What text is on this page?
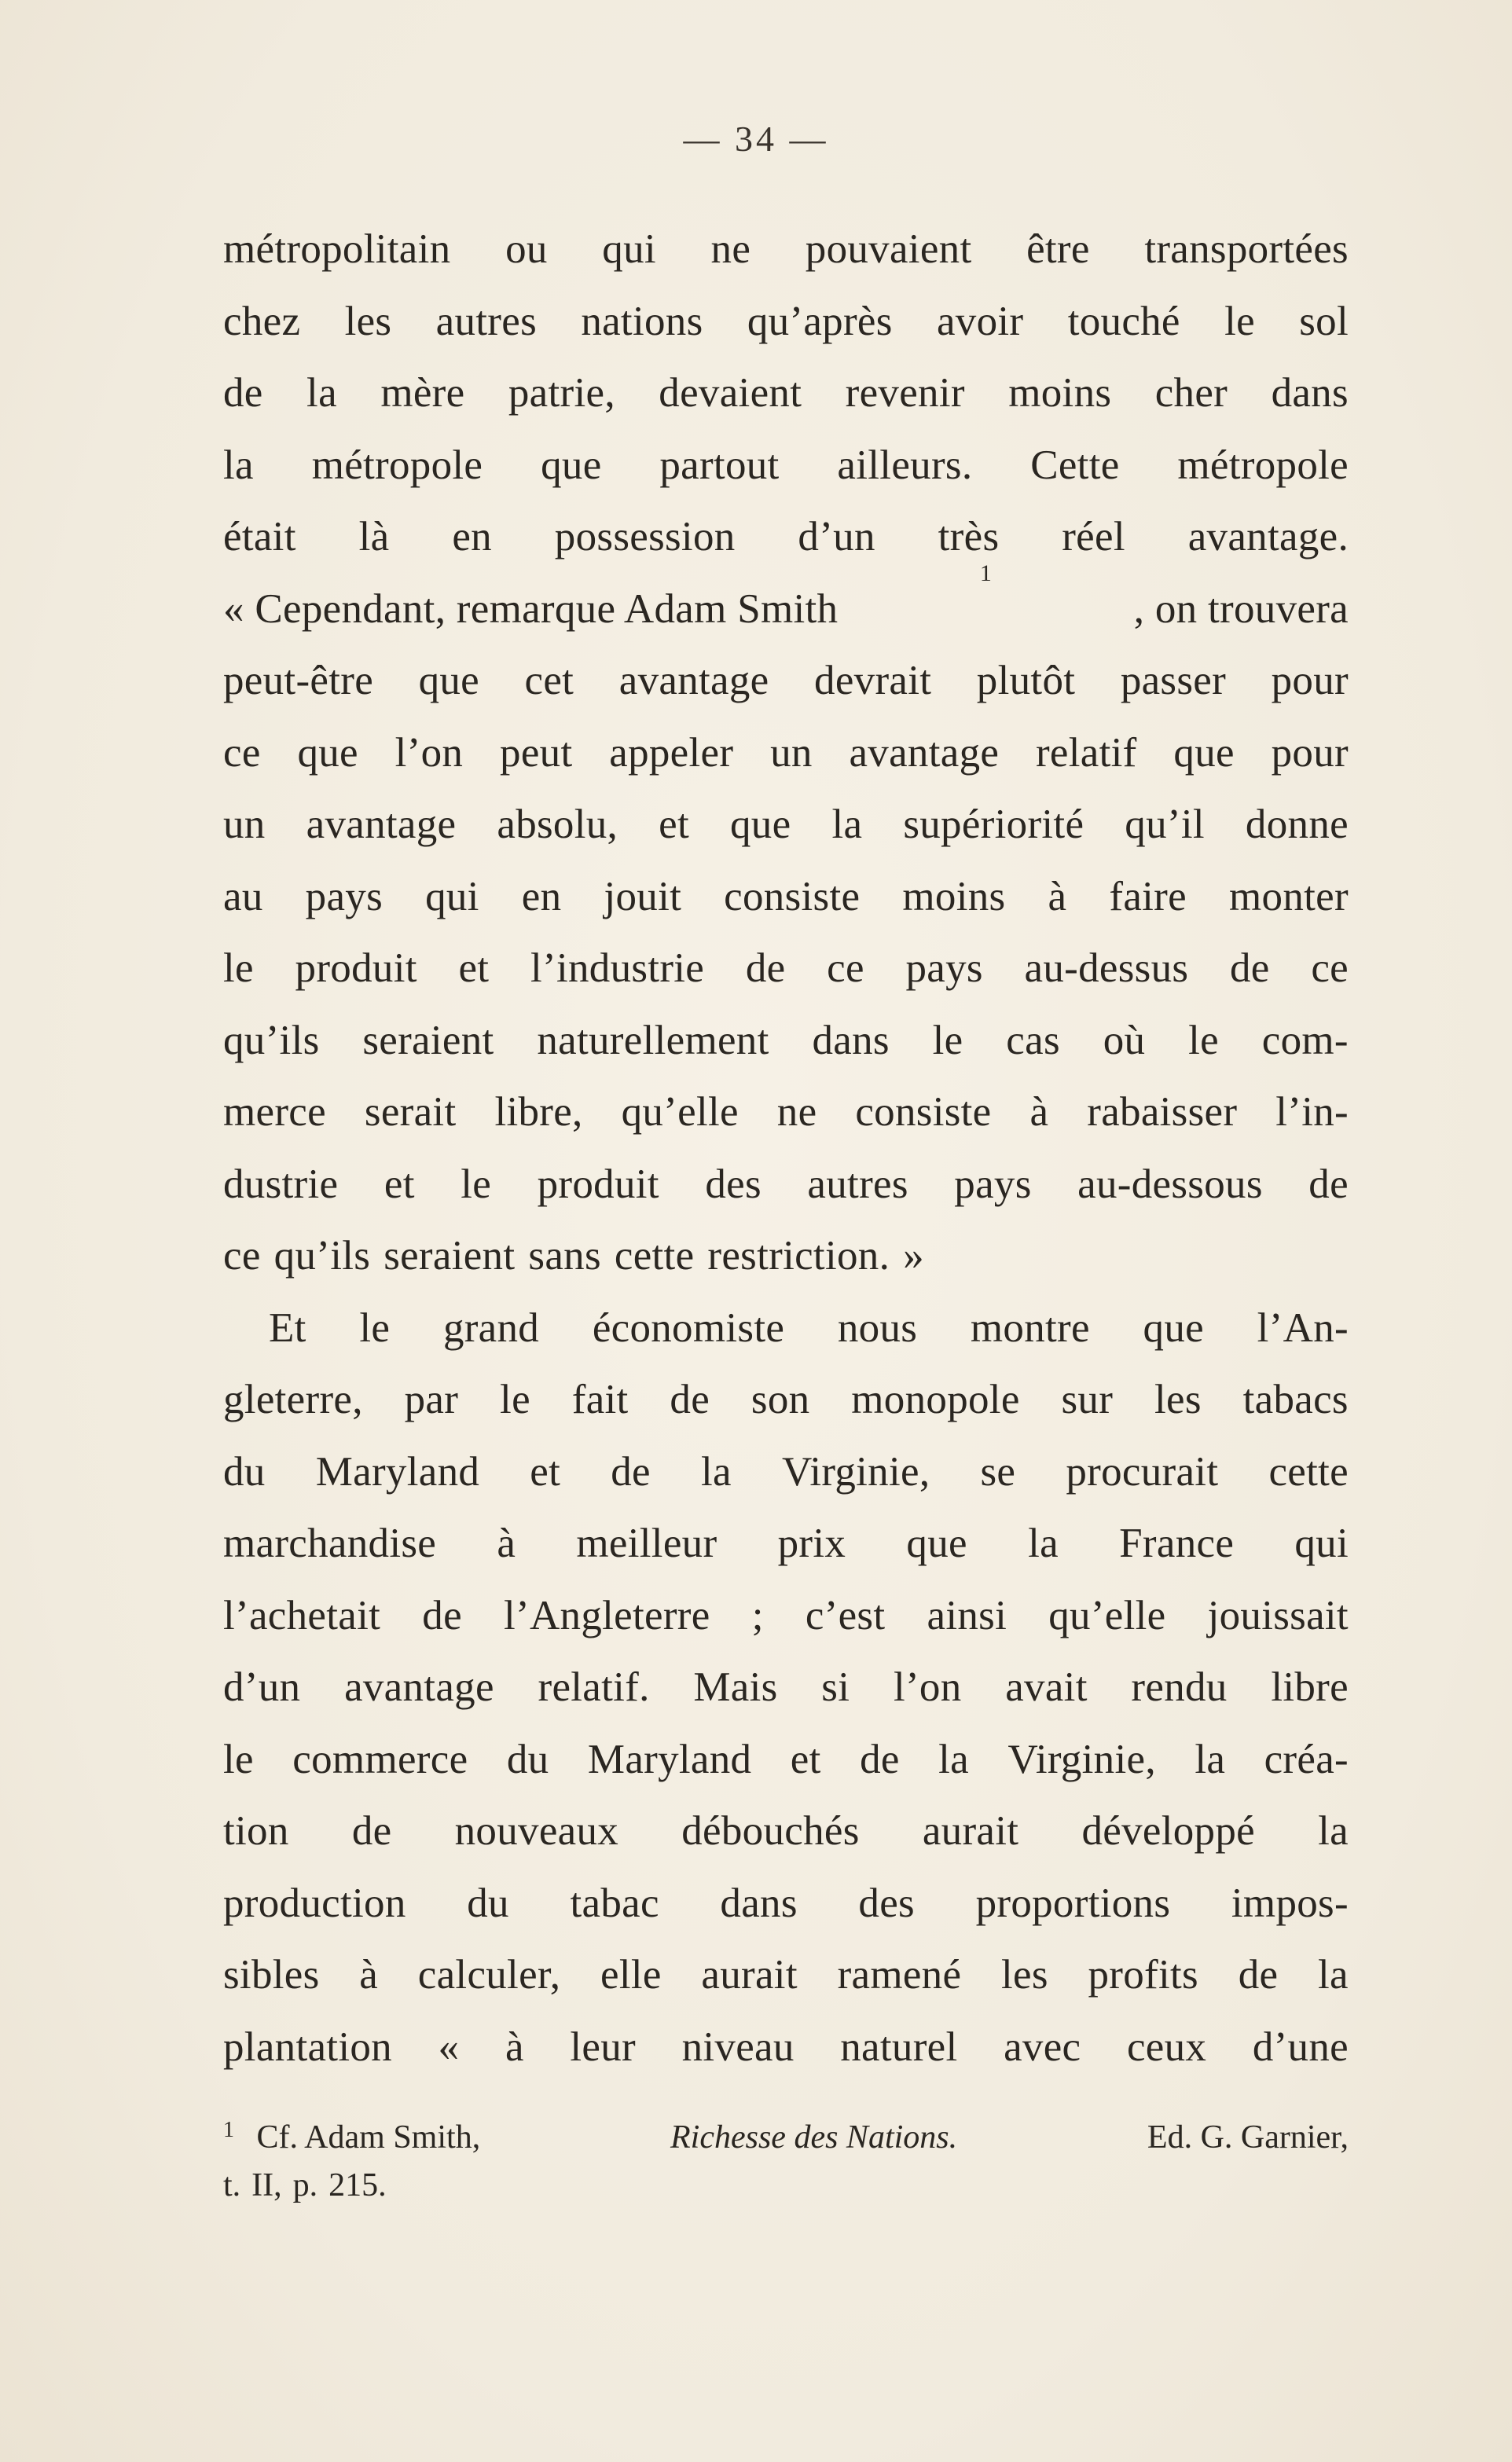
— 34 —
métropolitain ou qui ne pouvaient être transportées
chez les autres nations qu’après avoir touché le sol
de la mère patrie, devaient revenir moins cher dans
la métropole que partout ailleurs. Cette métropole
était là en possession d’un très réel avantage.
« Cependant, remarque Adam Smith
1
, on trouvera
peut-être que cet avantage devrait plutôt passer pour
ce que l’on peut appeler un avantage relatif que pour
un avantage absolu, et que la supériorité qu’il donne
au pays qui en jouit consiste moins à faire monter
le produit et l’industrie de ce pays au-dessus de ce
qu’ils seraient naturellement dans le cas où le com-
merce serait libre, qu’elle ne consiste à rabaisser l’in-
dustrie et le produit des autres pays au-dessous de
ce qu’ils seraient sans cette restriction. »
Et le grand économiste nous montre que l’An-
gleterre, par le fait de son monopole sur les tabacs
du Maryland et de la Virginie, se procurait cette
marchandise à meilleur prix que la France qui
l’achetait de l’Angleterre ; c’est ainsi qu’elle jouissait
d’un avantage relatif. Mais si l’on avait rendu libre
le commerce du Maryland et de la Virginie, la créa-
tion de nouveaux débouchés aurait développé la
production du tabac dans des proportions impos-
sibles à calculer, elle aurait ramené les profits de la
plantation « à leur niveau naturel avec ceux d’une
$^1$ Cf. Adam Smith,	Richesse des Nations.	Ed. G. Garnier,
t. II, p. 215.
